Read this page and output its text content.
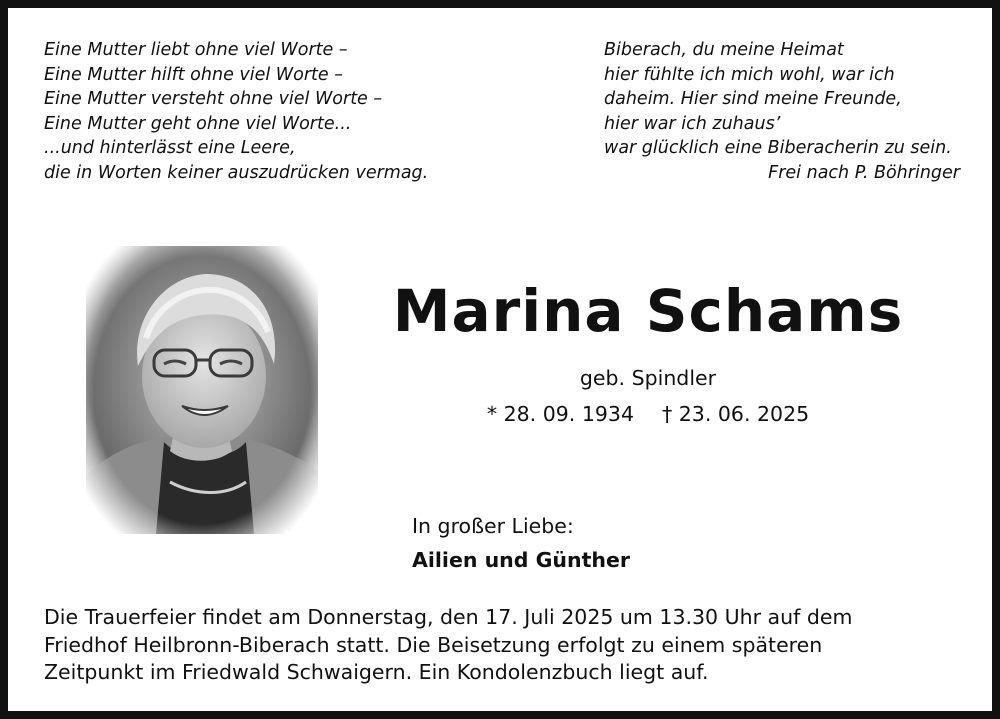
Eine Mutter liebt ohne viel Worte –
Eine Mutter hilft ohne viel Worte –
Eine Mutter versteht ohne viel Worte –
Eine Mutter geht ohne viel Worte...
...und hinterlässt eine Leere,
die in Worten keiner auszudrücken vermag.
Biberach, du meine Heimat
hier fühlte ich mich wohl, war ich
daheim. Hier sind meine Freunde,
hier war ich zuhaus’
war glücklich eine Biberacherin zu sein.
Frei nach P. Böhringer
Marina Schams
geb. Spindler
* 28. 09. 1934 † 23. 06. 2025
In großer Liebe:
Ailien und Günther
Die Trauerfeier findet am Donnerstag, den 17. Juli 2025 um 13.30 Uhr auf dem
Friedhof Heilbronn-Biberach statt. Die Beisetzung erfolgt zu einem späteren
Zeitpunkt im Friedwald Schwaigern. Ein Kondolenzbuch liegt auf.
